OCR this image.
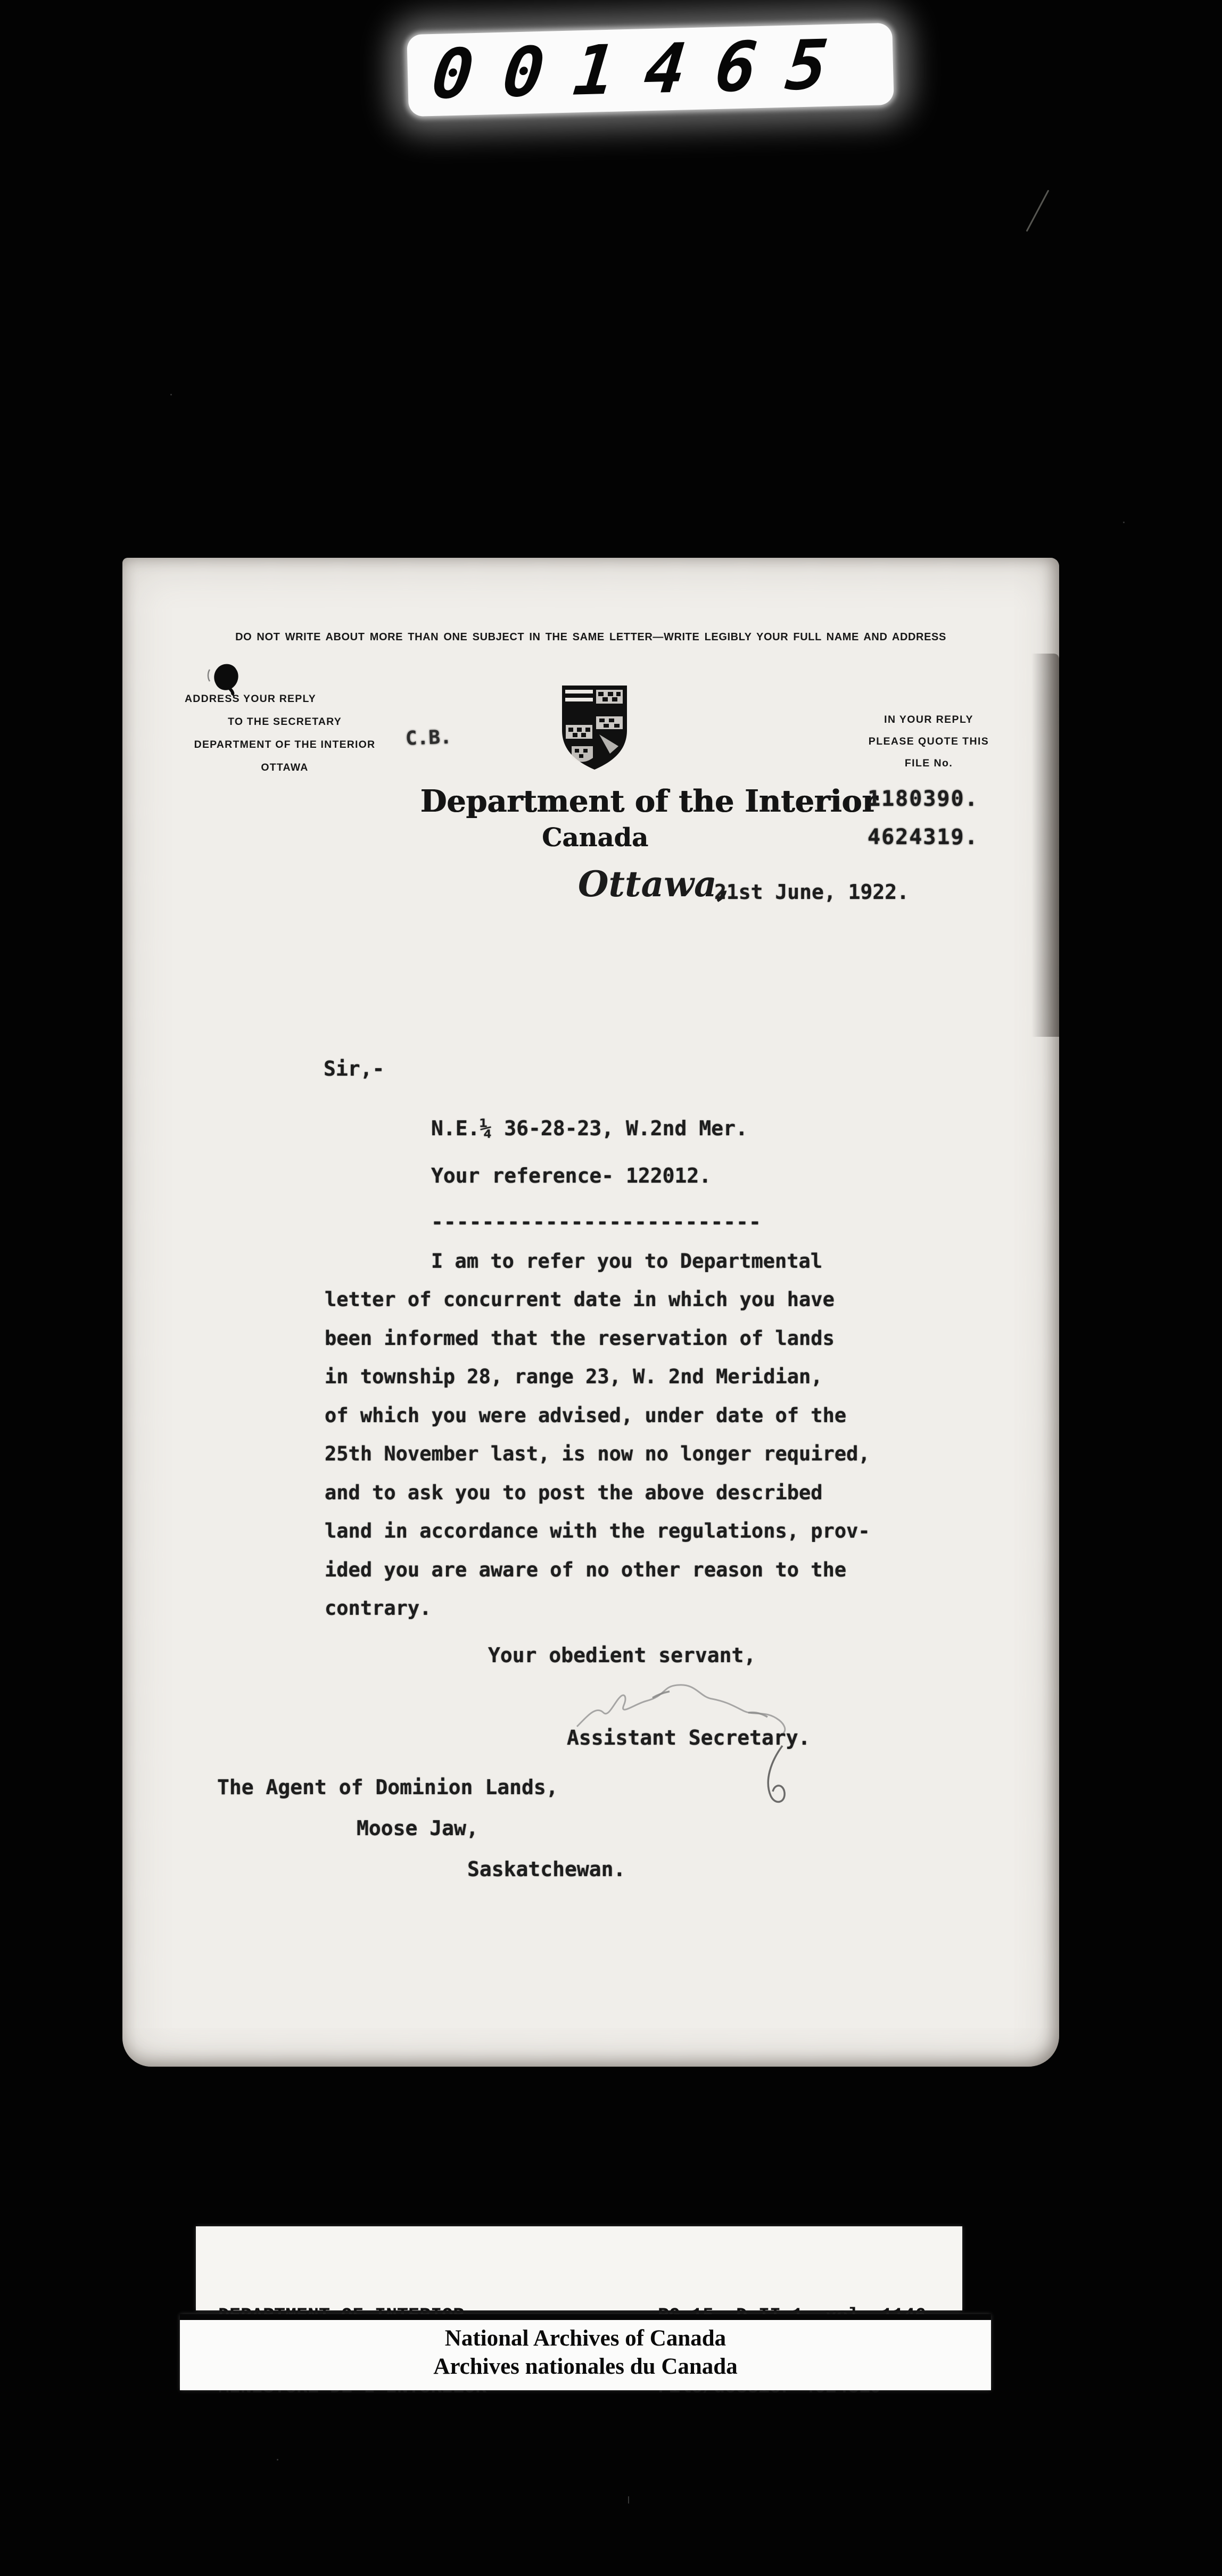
001465
DO NOT WRITE ABOUT MORE THAN ONE SUBJECT IN THE SAME LETTER—WRITE LEGIBLY YOUR FULL NAME AND ADDRESS
ADDRESS YOUR REPLY
TO THE SECRETARY
DEPARTMENT OF THE INTERIOR
OTTAWA
C.B.
Department of the Interior
Canada
IN YOUR REPLY
PLEASE QUOTE THIS
FILE No.
1180390.
4624319.
Ottawa,
21st June, 1922.
Sir,-
N.E.¼ 36-28-23, W.2nd Mer.
Your reference- 122012.
--------------------------
I am to refer you to Departmental
letter of concurrent date in which you have
been informed that the reservation of lands
in township 28, range 23, W. 2nd Meridian,
of which you were advised, under date of the
25th November last, is now no longer required,
and to ask you to post the above described
land in accordance with the regulations, prov-
ided you are aware of no other reason to the
contrary.
Your obedient servant,
Assistant Secretary.
The Agent of Dominion Lands,
Moose Jaw,
Saskatchewan.

National Archives of Canada
Archives nationales du Canada
